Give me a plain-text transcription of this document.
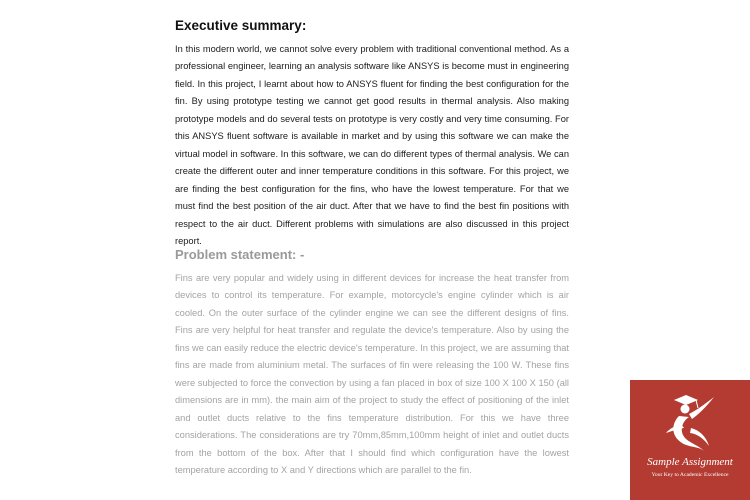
Executive summary:

In this modern world, we cannot solve every problem with traditional conventional method. As a professional engineer, learning an analysis software like ANSYS is become must in engineering field. In this project, I learnt about how to ANSYS fluent for finding the best configuration for the fin. By using prototype testing we cannot get good results in thermal analysis. Also making prototype models and do several tests on prototype is very costly and very time consuming. For this ANSYS fluent software is available in market and by using this software we can make the virtual model in software. In this software, we can do different types of thermal analysis. We can create the different outer and inner temperature conditions in this software. For this project, we are finding the best configuration for the fins, who have the lowest temperature. For that we must find the best position of the air duct. After that we have to find the best fin positions with respect to the air duct. Different problems with simulations are also discussed in this project report.

Problem statement: -

Fins are very popular and widely using in different devices for increase the heat transfer from devices to control its temperature. For example, motorcycle's engine cylinder which is air cooled. On the outer surface of the cylinder engine we can see the different designs of fins. Fins are very helpful for heat transfer and regulate the device's temperature. Also by using the fins we can easily reduce the electric device's temperature. In this project, we are assuming that fins are made from aluminium metal. The surfaces of fin were releasing the 100 W. These fins were subjected to force the convection by using a fan placed in box of size 100 X 100 X 150 (all dimensions are in mm). the main aim of the project to study the effect of positioning of the inlet and outlet ducts relative to the fins temperature distribution. For this we have three considerations. The considerations are try 70mm,85mm,100mm height of inlet and outlet ducts from the bottom of the box. After that I should find which configuration have the lowest temperature according to X and Y directions which are parallel to the fin.

Sample Assignment
Your Key to Academic Excellence
